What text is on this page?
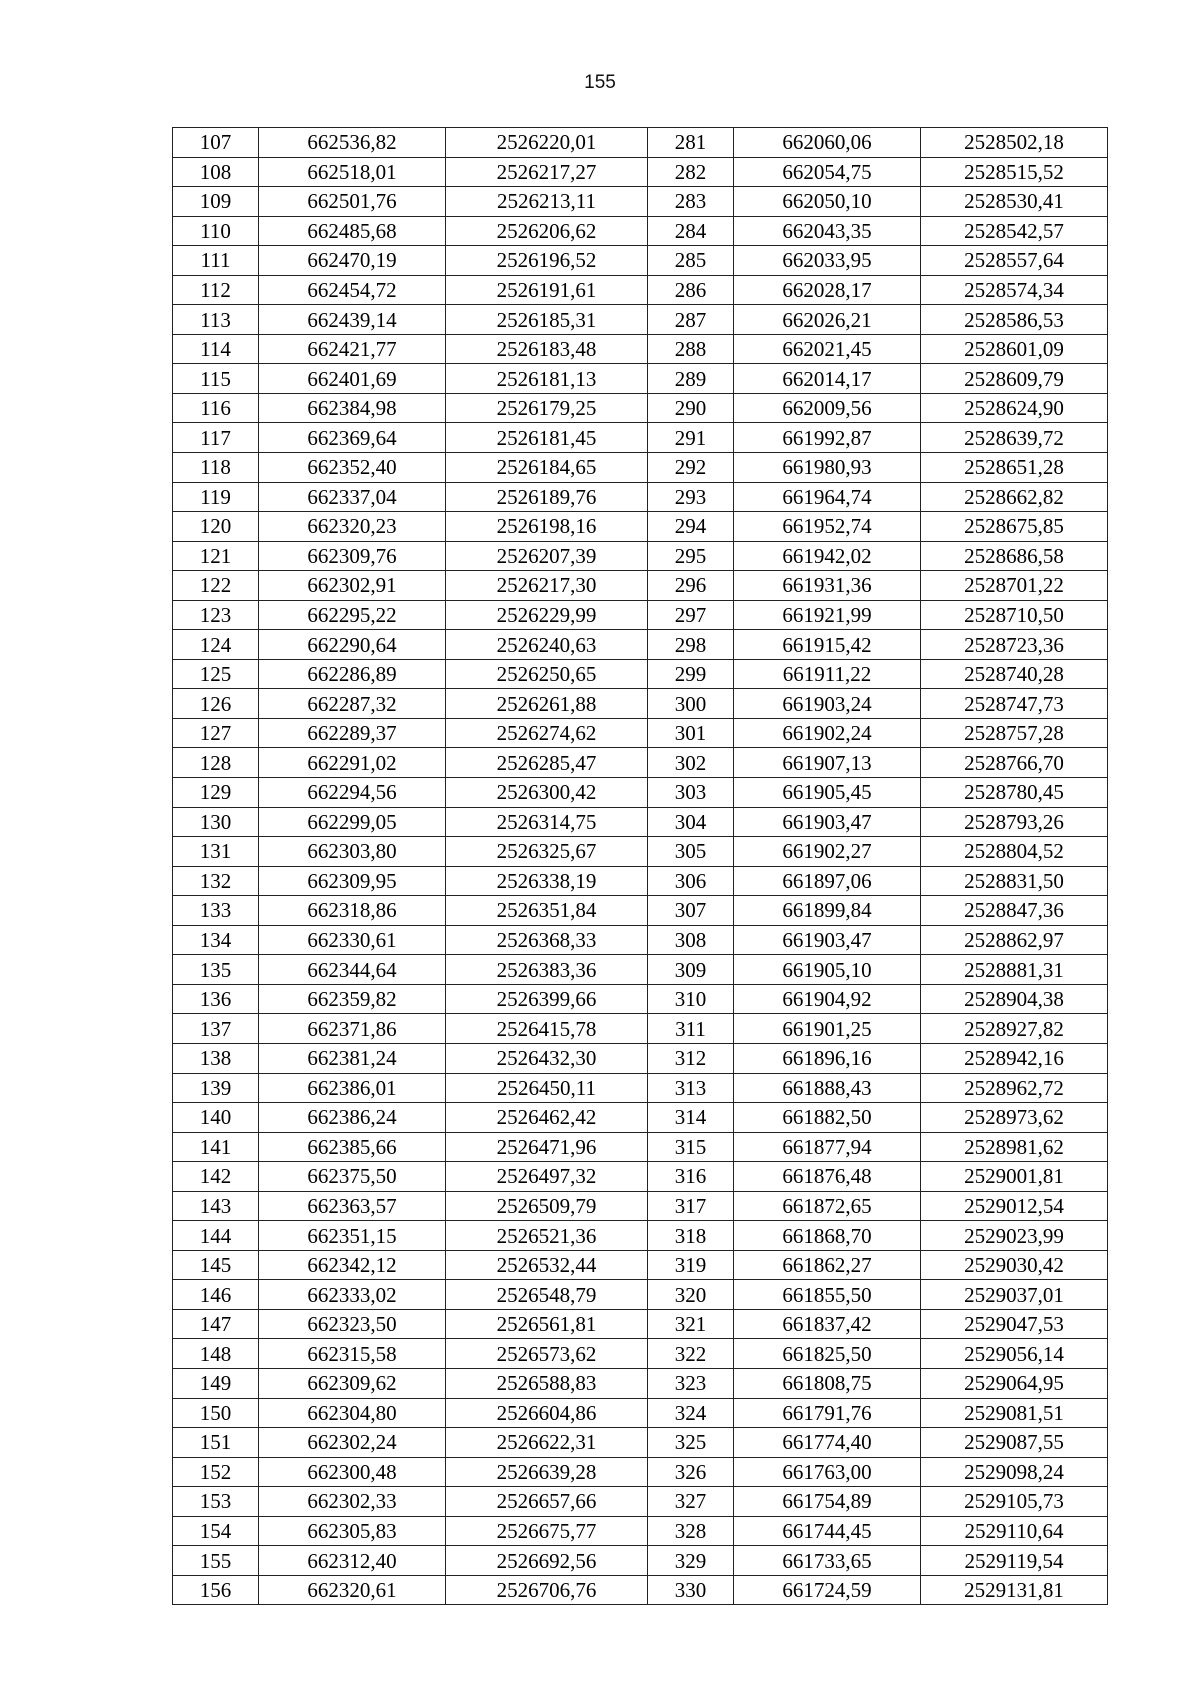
155
107	662536,82	2526220,01	281	662060,06	2528502,18
108	662518,01	2526217,27	282	662054,75	2528515,52
109	662501,76	2526213,11	283	662050,10	2528530,41
110	662485,68	2526206,62	284	662043,35	2528542,57
111	662470,19	2526196,52	285	662033,95	2528557,64
112	662454,72	2526191,61	286	662028,17	2528574,34
113	662439,14	2526185,31	287	662026,21	2528586,53
114	662421,77	2526183,48	288	662021,45	2528601,09
115	662401,69	2526181,13	289	662014,17	2528609,79
116	662384,98	2526179,25	290	662009,56	2528624,90
117	662369,64	2526181,45	291	661992,87	2528639,72
118	662352,40	2526184,65	292	661980,93	2528651,28
119	662337,04	2526189,76	293	661964,74	2528662,82
120	662320,23	2526198,16	294	661952,74	2528675,85
121	662309,76	2526207,39	295	661942,02	2528686,58
122	662302,91	2526217,30	296	661931,36	2528701,22
123	662295,22	2526229,99	297	661921,99	2528710,50
124	662290,64	2526240,63	298	661915,42	2528723,36
125	662286,89	2526250,65	299	661911,22	2528740,28
126	662287,32	2526261,88	300	661903,24	2528747,73
127	662289,37	2526274,62	301	661902,24	2528757,28
128	662291,02	2526285,47	302	661907,13	2528766,70
129	662294,56	2526300,42	303	661905,45	2528780,45
130	662299,05	2526314,75	304	661903,47	2528793,26
131	662303,80	2526325,67	305	661902,27	2528804,52
132	662309,95	2526338,19	306	661897,06	2528831,50
133	662318,86	2526351,84	307	661899,84	2528847,36
134	662330,61	2526368,33	308	661903,47	2528862,97
135	662344,64	2526383,36	309	661905,10	2528881,31
136	662359,82	2526399,66	310	661904,92	2528904,38
137	662371,86	2526415,78	311	661901,25	2528927,82
138	662381,24	2526432,30	312	661896,16	2528942,16
139	662386,01	2526450,11	313	661888,43	2528962,72
140	662386,24	2526462,42	314	661882,50	2528973,62
141	662385,66	2526471,96	315	661877,94	2528981,62
142	662375,50	2526497,32	316	661876,48	2529001,81
143	662363,57	2526509,79	317	661872,65	2529012,54
144	662351,15	2526521,36	318	661868,70	2529023,99
145	662342,12	2526532,44	319	661862,27	2529030,42
146	662333,02	2526548,79	320	661855,50	2529037,01
147	662323,50	2526561,81	321	661837,42	2529047,53
148	662315,58	2526573,62	322	661825,50	2529056,14
149	662309,62	2526588,83	323	661808,75	2529064,95
150	662304,80	2526604,86	324	661791,76	2529081,51
151	662302,24	2526622,31	325	661774,40	2529087,55
152	662300,48	2526639,28	326	661763,00	2529098,24
153	662302,33	2526657,66	327	661754,89	2529105,73
154	662305,83	2526675,77	328	661744,45	2529110,64
155	662312,40	2526692,56	329	661733,65	2529119,54
156	662320,61	2526706,76	330	661724,59	2529131,81
